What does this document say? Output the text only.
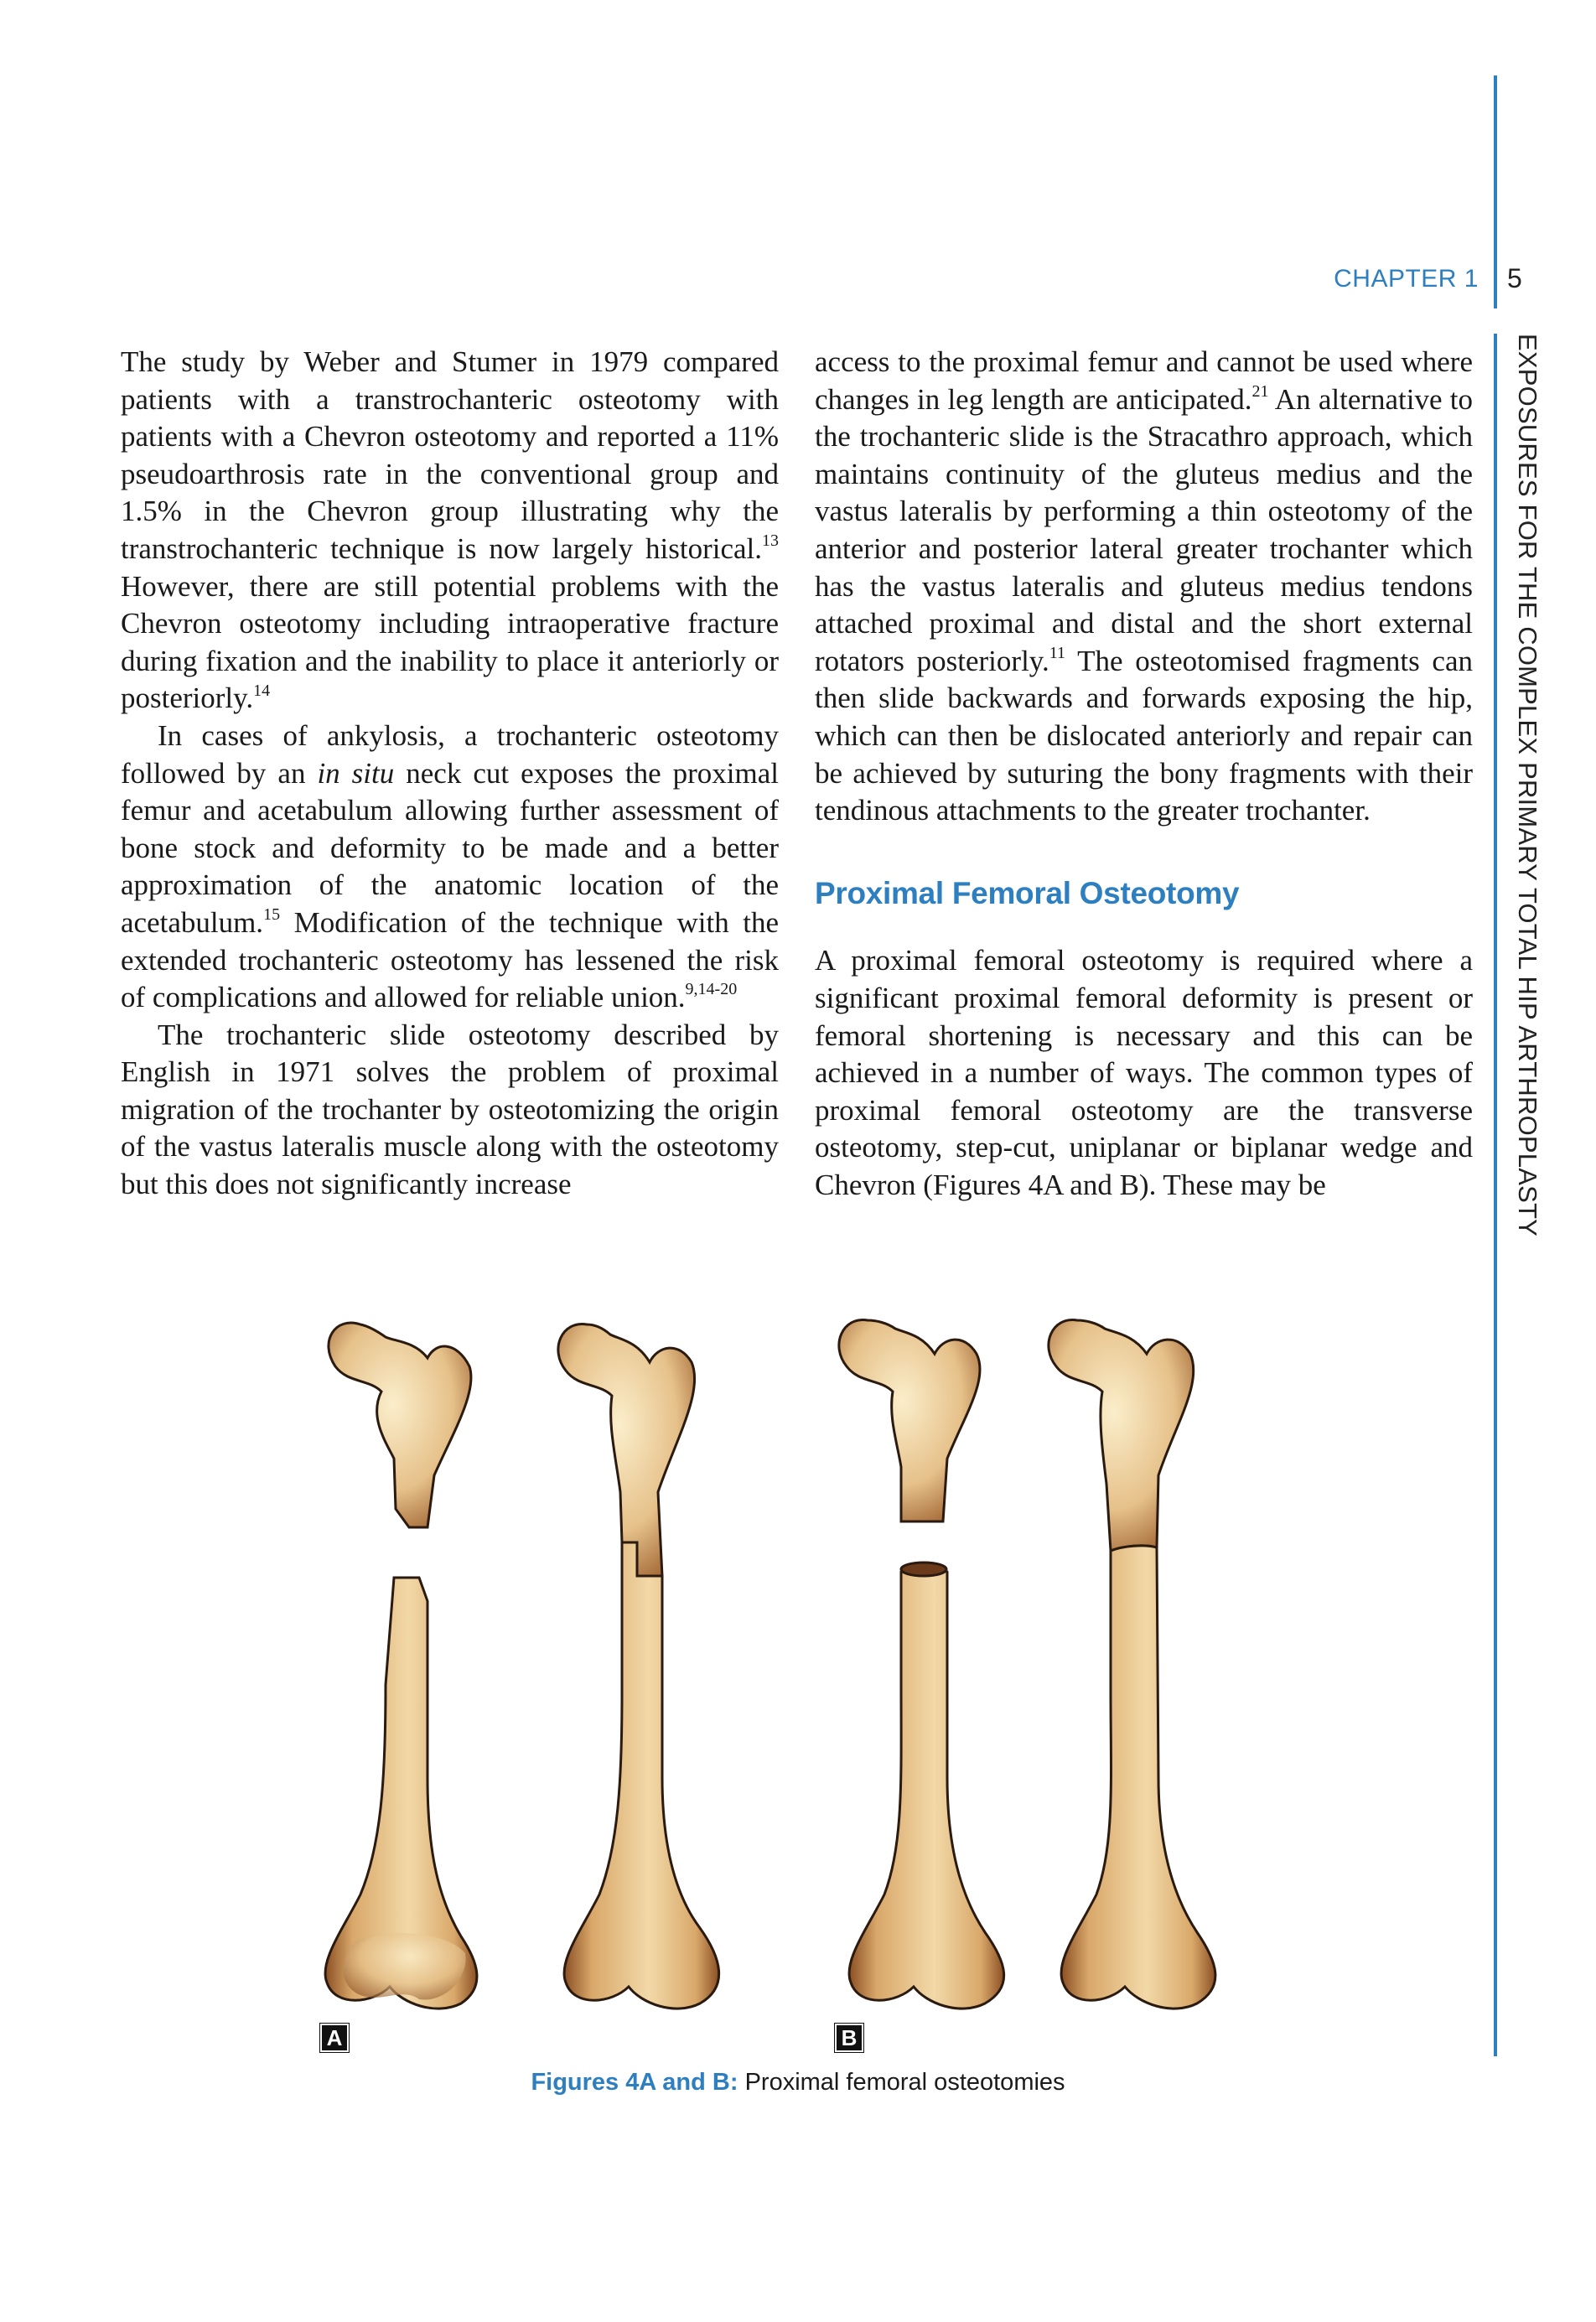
CHAPTER 1 5
EXPOSURES FOR THE COMPLEX PRIMARY TOTAL HIP ARTHROPLASTY

The study by Weber and Stumer in 1979 compared patients with a transtrochanteric osteotomy with patients with a Chevron osteotomy and reported a 11% pseudoarthrosis rate in the conventional group and 1.5% in the Chevron group illustrating why the transtrochanteric technique is now largely historical.$^{13}$ However, there are still potential problems with the Chevron osteotomy including intraoperative fracture during fixation and the inability to place it anteriorly or posteriorly.$^{14}$

In cases of ankylosis, a trochanteric osteotomy followed by an in situ neck cut exposes the proximal femur and acetabulum allowing further assessment of bone stock and deformity to be made and a better approximation of the anatomic location of the acetabulum.$^{15}$ Modification of the technique with the extended trochanteric osteotomy has lessened the risk of complications and allowed for reliable union.$^{9,14-20}$

The trochanteric slide osteotomy described by English in 1971 solves the problem of proximal migration of the trochanter by osteotomizing the origin of the vastus lateralis muscle along with the osteotomy but this does not significantly increase

access to the proximal femur and cannot be used where changes in leg length are anticipated.$^{21}$ An alternative to the trochanteric slide is the Stracathro approach, which maintains continuity of the gluteus medius and the vastus lateralis by performing a thin osteotomy of the anterior and posterior lateral greater trochanter which has the vastus lateralis and gluteus medius tendons attached proximal and distal and the short external rotators posteriorly.$^{11}$ The osteotomised fragments can then slide backwards and forwards exposing the hip, which can then be dislocated anteriorly and repair can be achieved by suturing the bony fragments with their tendinous attachments to the greater trochanter.

Proximal Femoral Osteotomy

A proximal femoral osteotomy is required where a significant proximal femoral deformity is present or femoral shortening is necessary and this can be achieved in a number of ways. The common types of proximal femoral osteotomy are the transverse osteotomy, step-cut, uniplanar or biplanar wedge and Chevron (Figures 4A and B). These may be

A	B
Figures 4A and B: Proximal femoral osteotomies
